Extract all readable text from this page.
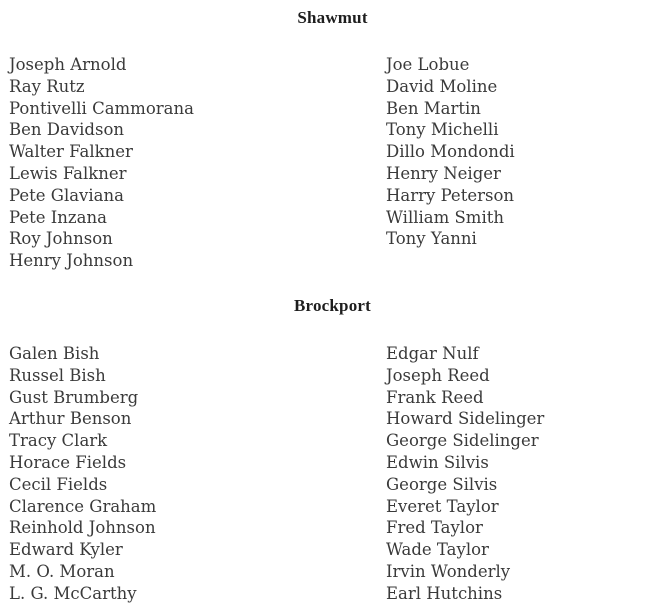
Shawmut
Joseph Arnold
Ray Rutz
Pontivelli Cammorana
Ben Davidson
Walter Falkner
Lewis Falkner
Pete Glaviana
Pete Inzana
Roy Johnson
Henry Johnson
Joe Lobue
David Moline
Ben Martin
Tony Michelli
Dillo Mondondi
Henry Neiger
Harry Peterson
William Smith
Tony Yanni
Brockport
Galen Bish
Russel Bish
Gust Brumberg
Arthur Benson
Tracy Clark
Horace Fields
Cecil Fields
Clarence Graham
Reinhold Johnson
Edward Kyler
M. O. Moran
L. G. McCarthy
Edgar Nulf
Joseph Reed
Frank Reed
Howard Sidelinger
George Sidelinger
Edwin Silvis
George Silvis
Everet Taylor
Fred Taylor
Wade Taylor
Irvin Wonderly
Earl Hutchins
